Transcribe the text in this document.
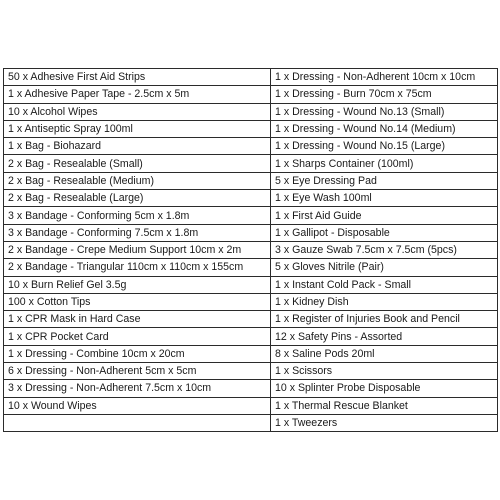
50 x Adhesive First Aid Strips	1 x Dressing - Non-Adherent 10cm x 10cm
1 x Adhesive Paper Tape - 2.5cm x 5m	1 x Dressing - Burn 70cm x 75cm
10 x Alcohol Wipes	1 x Dressing - Wound No.13 (Small)
1 x Antiseptic Spray 100ml	1 x Dressing - Wound No.14 (Medium)
1 x Bag - Biohazard	1 x Dressing - Wound No.15 (Large)
2 x Bag - Resealable (Small)	1 x Sharps Container (100ml)
2 x Bag - Resealable (Medium)	5 x Eye Dressing Pad
2 x Bag - Resealable (Large)	1 x Eye Wash 100ml
3 x Bandage - Conforming 5cm x 1.8m	1 x First Aid Guide
3 x Bandage - Conforming 7.5cm x 1.8m	1 x Gallipot - Disposable
2 x Bandage - Crepe Medium Support 10cm x 2m	3 x Gauze Swab 7.5cm x 7.5cm (5pcs)
2 x Bandage - Triangular 110cm x 110cm x 155cm	5 x Gloves Nitrile (Pair)
10 x Burn Relief Gel 3.5g	1 x Instant Cold Pack - Small
100 x Cotton Tips	1 x Kidney Dish
1 x CPR Mask in Hard Case	1 x Register of Injuries Book and Pencil
1 x CPR Pocket Card	12 x Safety Pins - Assorted
1 x Dressing - Combine 10cm x 20cm	8 x Saline Pods 20ml
6 x Dressing - Non-Adherent 5cm x 5cm	1 x Scissors
3 x Dressing - Non-Adherent 7.5cm x 10cm	10 x Splinter Probe Disposable
10 x Wound Wipes	1 x Thermal Rescue Blanket
	1 x Tweezers
